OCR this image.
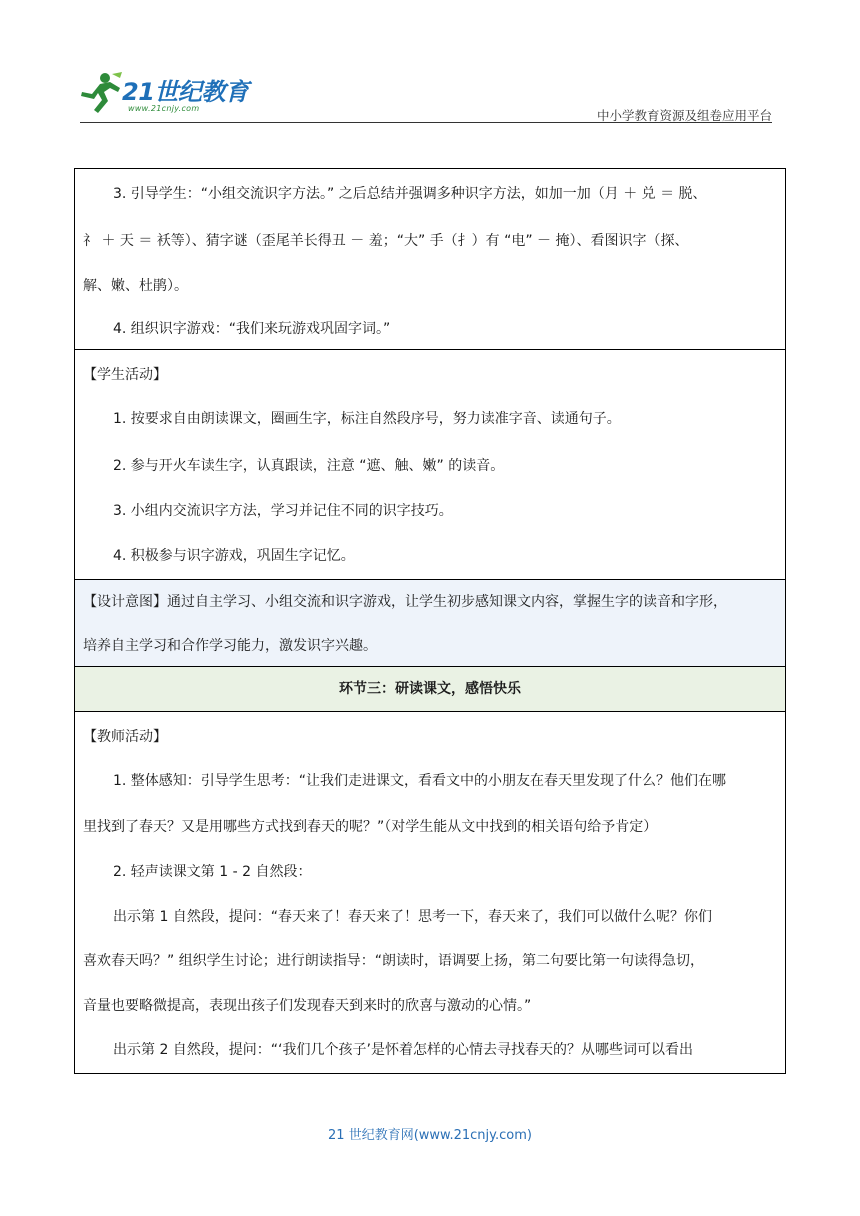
21世纪教育
www.21cnjy.com	中小学教育资源及组卷应用平台
3. 引导学生：“小组交流识字方法。” 之后总结并强调多种识字方法，如加一加（月 ＋ 兑 ＝ 脱、
礻 ＋ 天 ＝ 袄等）、猜字谜（歪尾羊长得丑 － 羞；“大” 手（扌）有 “电” － 掩）、看图识字（探、
解、嫩、杜鹃）。
4. 组织识字游戏：“我们来玩游戏巩固字词。”
【学生活动】
1. 按要求自由朗读课文，圈画生字，标注自然段序号，努力读准字音、读通句子。
2. 参与开火车读生字，认真跟读，注意 “遮、触、嫩” 的读音。
3. 小组内交流识字方法，学习并记住不同的识字技巧。
4. 积极参与识字游戏，巩固生字记忆。
【设计意图】通过自主学习、小组交流和识字游戏，让学生初步感知课文内容，掌握生字的读音和字形，
培养自主学习和合作学习能力，激发识字兴趣。
环节三：研读课文，感悟快乐
【教师活动】
1. 整体感知：引导学生思考：“让我们走进课文，看看文中的小朋友在春天里发现了什么？他们在哪
里找到了春天？又是用哪些方式找到春天的呢？”（对学生能从文中找到的相关语句给予肯定）
2. 轻声读课文第 1 - 2 自然段：
出示第 1 自然段，提问：“春天来了！春天来了！思考一下，春天来了，我们可以做什么呢？你们
喜欢春天吗？” 组织学生讨论；进行朗读指导：“朗读时，语调要上扬，第二句要比第一句读得急切，
音量也要略微提高，表现出孩子们发现春天到来时的欣喜与激动的心情。”
出示第 2 自然段，提问：“‘我们几个孩子’是怀着怎样的心情去寻找春天的？从哪些词可以看出
21 世纪教育网(www.21cnjy.com)
